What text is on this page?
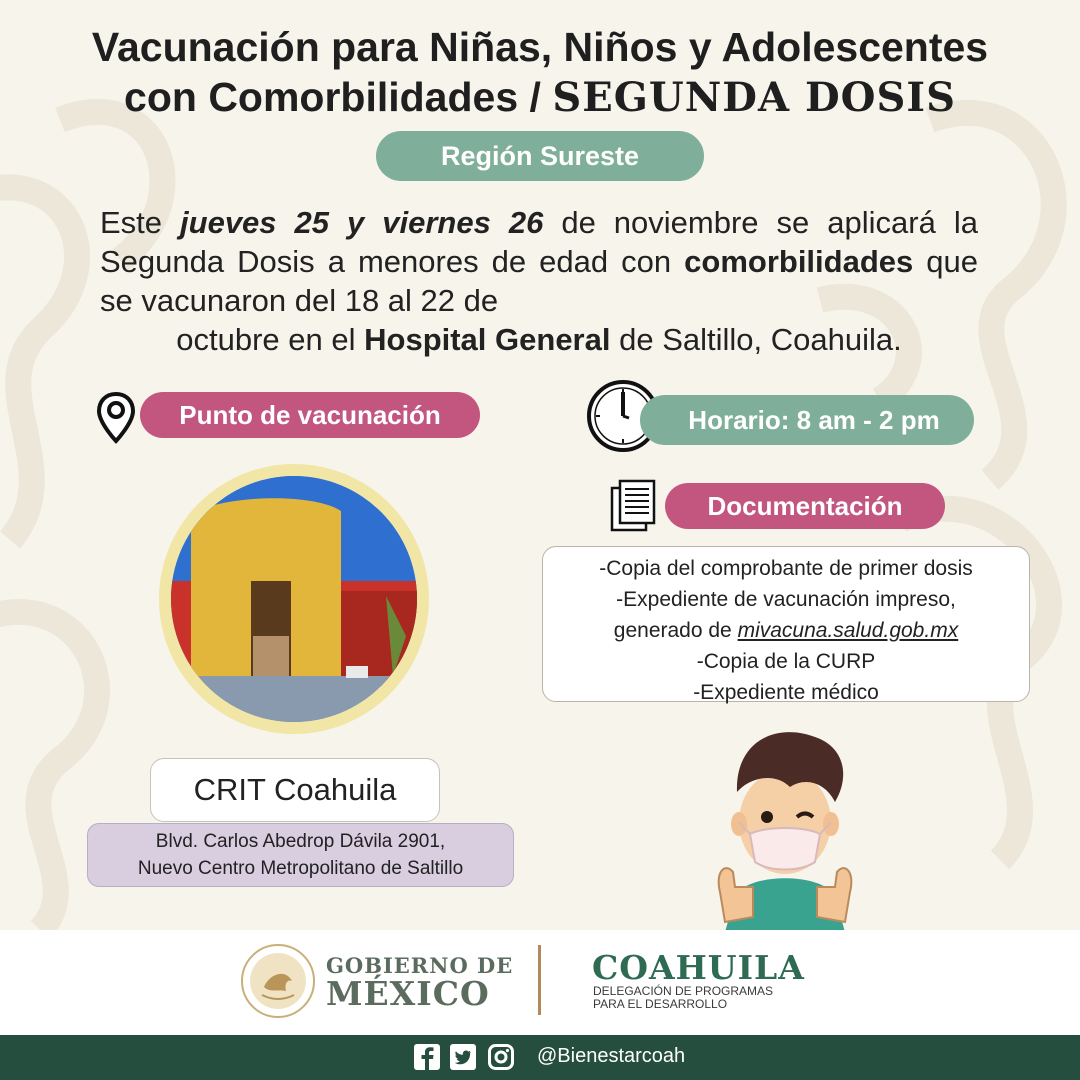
Vacunación para Niñas, Niños y Adolescentes
con Comorbilidades / SEGUNDA DOSIS
Región Sureste
Este jueves 25 y viernes 26 de noviembre se aplicará la Segunda Dosis a menores de edad con comorbilidades que se vacunaron del 18 al 22 de
octubre en el Hospital General de Saltillo, Coahuila.
Punto de vacunación	Horario: 8 am - 2 pm
Documentación
-Copia del comprobante de primer dosis
-Expediente de vacunación impreso,
generado de mivacuna.salud.gob.mx
-Copia de la CURP
-Expediente médico
CRIT Coahuila
Blvd. Carlos Abedrop Dávila 2901,
Nuevo Centro Metropolitano de Saltillo
GOBIERNO DE
MÉXICO
COAHUILA
DELEGACIÓN DE PROGRAMAS
PARA EL DESARROLLO
@Bienestarcoah
